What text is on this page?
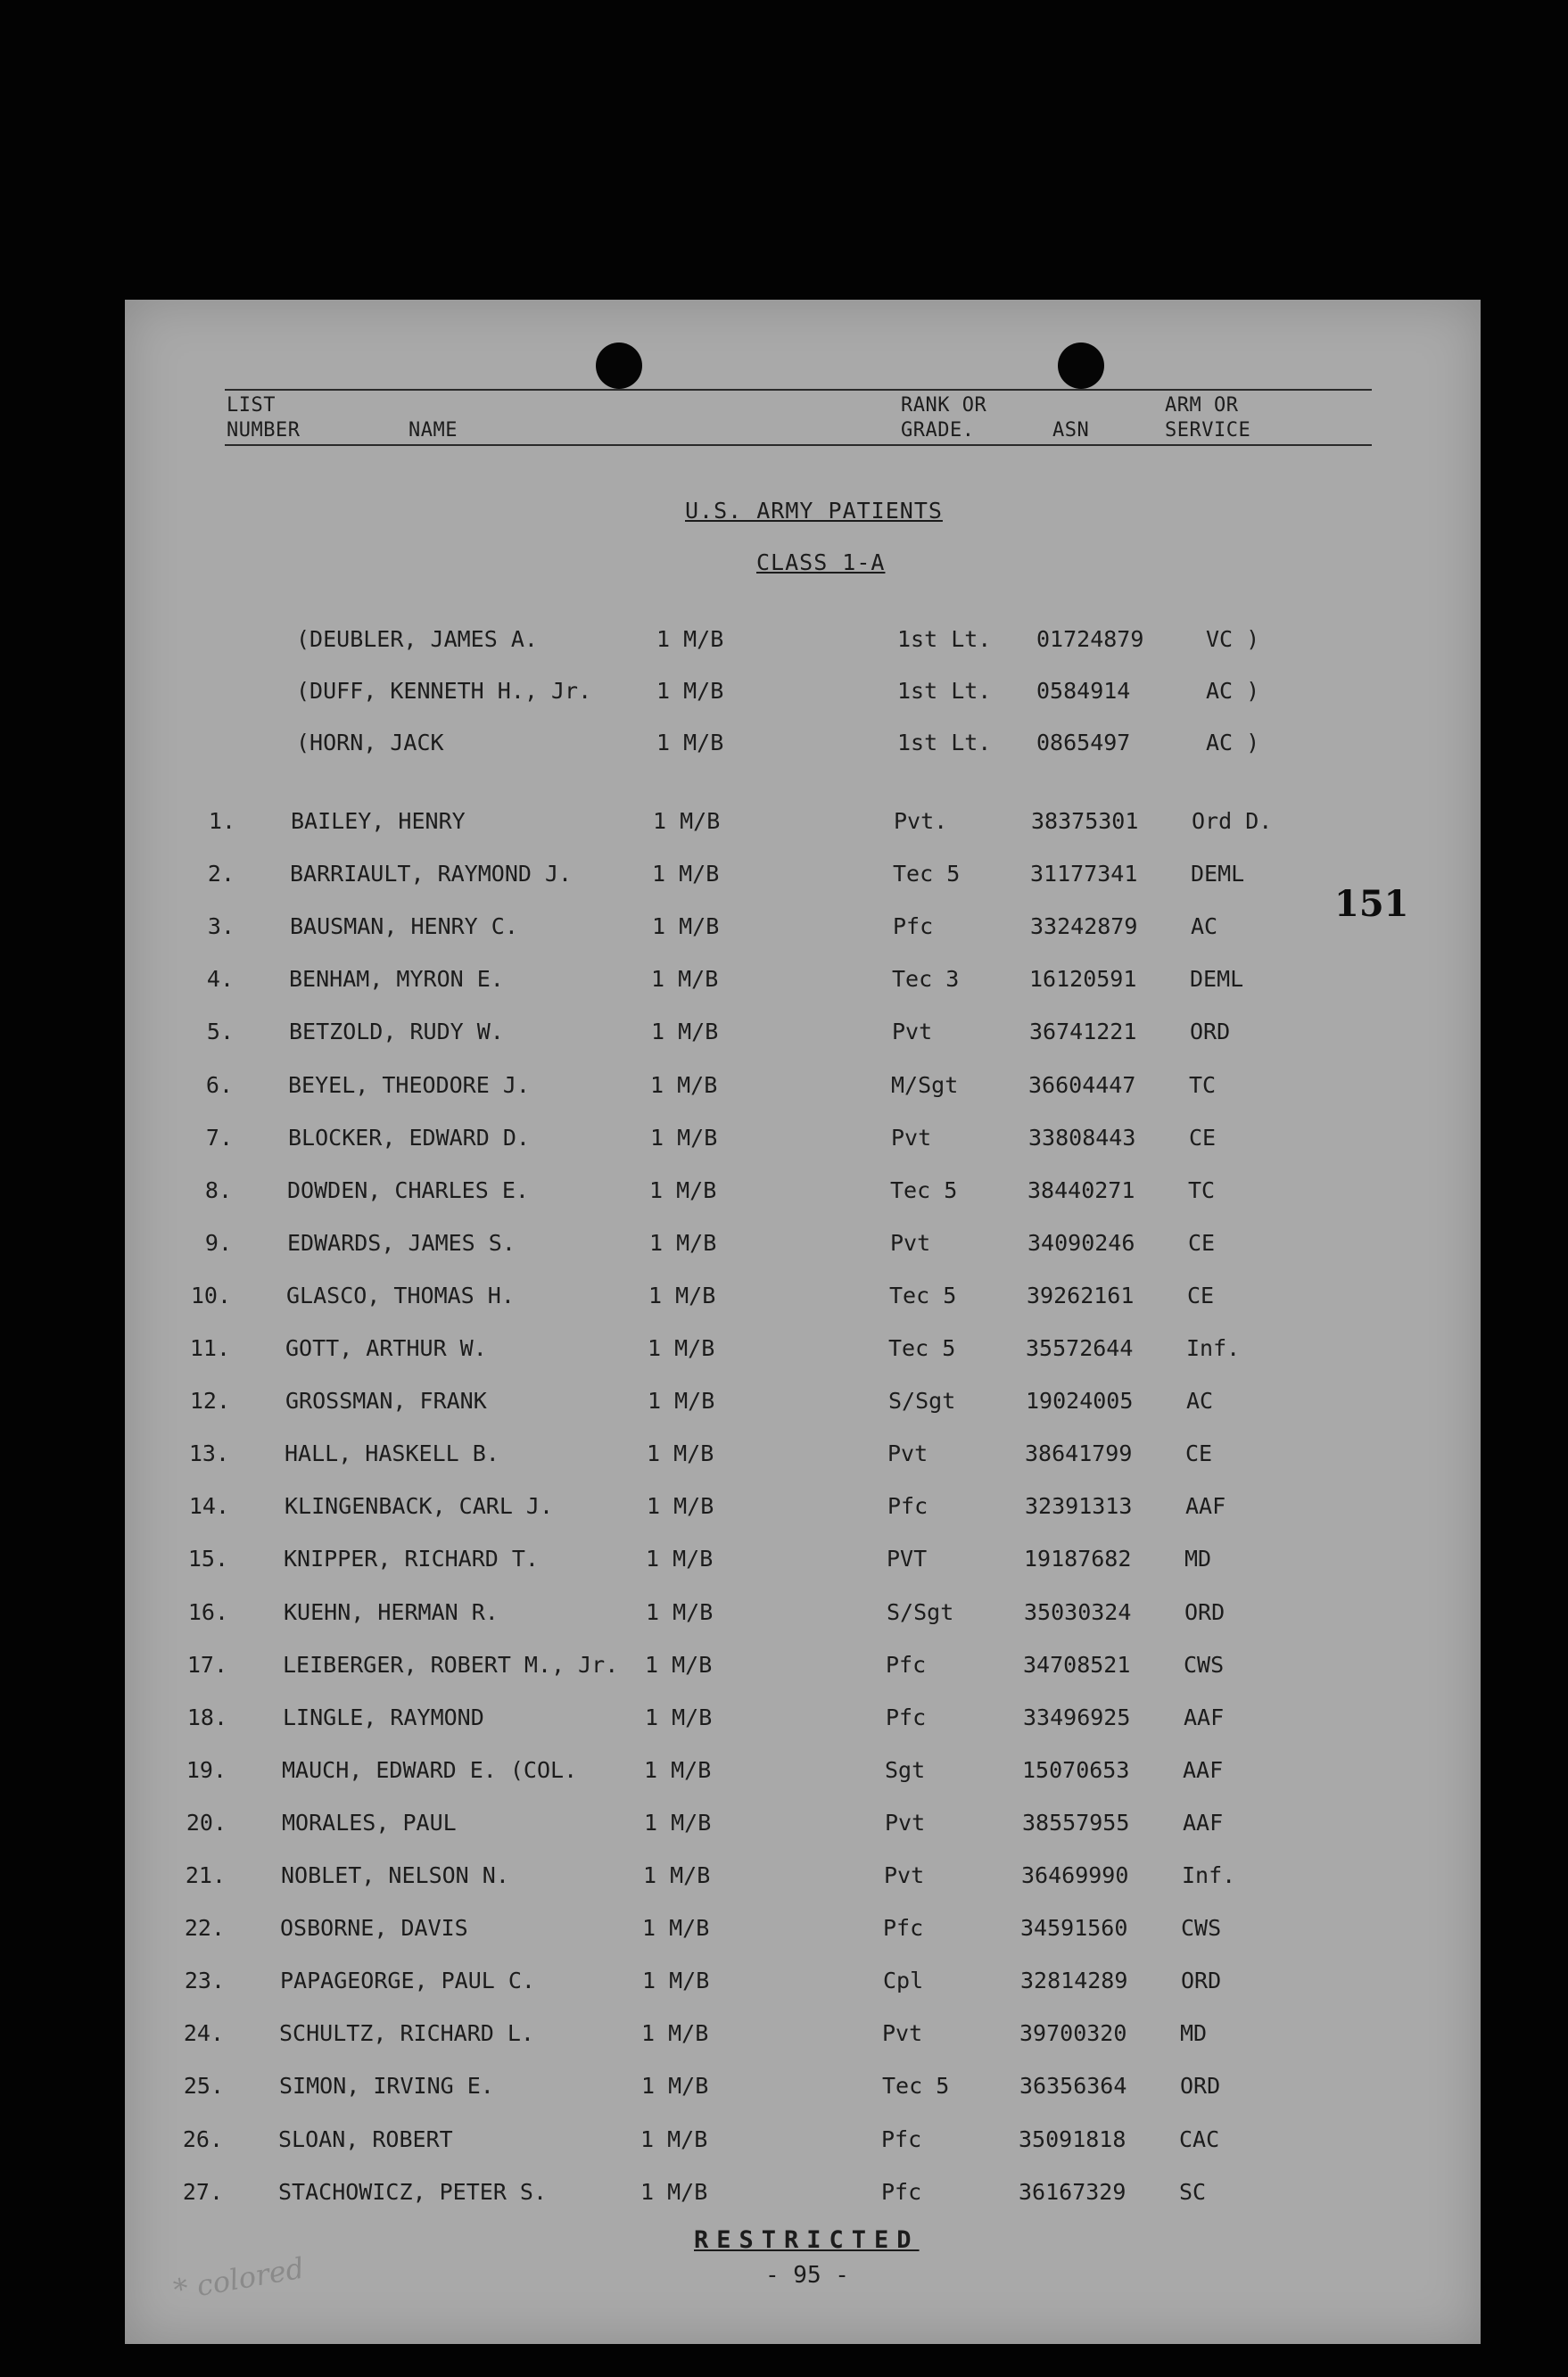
LIST
NUMBER	NAME
RANK OR
GRADE.	ASN
ARM OR
SERVICE
U.S. ARMY PATIENTS
CLASS 1-A
(DEUBLER, JAMES A.	1 M/B	1st Lt. 01724879	VC )
(DUFF, KENNETH H., Jr.	1 M/B	1st Lt. 0584914	AC )
(HORN, JACK	1 M/B	1st Lt. 0865497	AC )
1. BAILEY, HENRY	1 M/B	Pvt.	38375301 Ord D.
2. BARRIAULT, RAYMOND J.	1 M/B	Tec 5	31177341 DEML
3. BAUSMAN, HENRY C.	1 M/B	Pfc	33242879 AC
4. BENHAM, MYRON E.	1 M/B	Tec 3	16120591 DEML
5. BETZOLD, RUDY W.	1 M/B	Pvt	36741221 ORD
6. BEYEL, THEODORE J.	1 M/B	M/Sgt	36604447 TC
7. BLOCKER, EDWARD D.	1 M/B	Pvt	33808443 CE
8. DOWDEN, CHARLES E.	1 M/B	Tec 5	38440271 TC
9. EDWARDS, JAMES S.	1 M/B	Pvt	34090246 CE
10. GLASCO, THOMAS H.	1 M/B	Tec 5	39262161 CE
11. GOTT, ARTHUR W.	1 M/B	Tec 5	35572644 Inf.
12. GROSSMAN, FRANK	1 M/B	S/Sgt	19024005 AC
13. HALL, HASKELL B.	1 M/B	Pvt	38641799 CE
14. KLINGENBACK, CARL J.	1 M/B	Pfc	32391313 AAF
15. KNIPPER, RICHARD T.	1 M/B	PVT	19187682 MD
16. KUEHN, HERMAN R.	1 M/B	S/Sgt	35030324 ORD
17. LEIBERGER, ROBERT M., Jr. 1 M/B	Pfc	34708521 CWS
18. LINGLE, RAYMOND	1 M/B	Pfc	33496925 AAF
19. MAUCH, EDWARD E. (COL.	1 M/B	Sgt	15070653 AAF
20. MORALES, PAUL	1 M/B	Pvt	38557955 AAF
21. NOBLET, NELSON N.	1 M/B	Pvt	36469990 Inf.
22. OSBORNE, DAVIS	1 M/B	Pfc	34591560 CWS
23. PAPAGEORGE, PAUL C.	1 M/B	Cpl	32814289 ORD
24. SCHULTZ, RICHARD L.	1 M/B	Pvt	39700320 MD
25. SIMON, IRVING E.	1 M/B	Tec 5	36356364 ORD
26. SLOAN, ROBERT	1 M/B	Pfc	35091818 CAC
27. STACHOWICZ, PETER S.	1 M/B	Pfc	36167329 SC
151
RESTRICTED
- 95 -
* colored
